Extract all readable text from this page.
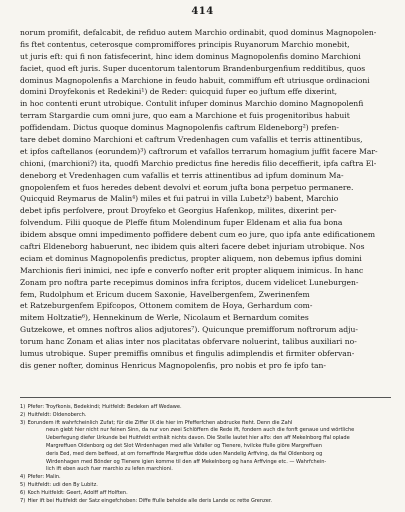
414
norum promifit, defalcabit, de refiduo autem Marchio ordinabit, quod dominus Magnopolen-
fis ftet contentus, ceterosque compromiffores principis Ruyanorum Marchio monebit,
ut juris eft: qui fi non fatisfecerint, hinc idem dominus Magnopolenfis domino Marchioni
faciet, quod eft juris. Super ducentorum talentorum Brandenburgenfium redditibus, quos
dominus Magnopolenfis a Marchione in feudo habuit, commiffum eft utriusque ordinacioni
domini Droyfekonis et Redekini¹) de Reder: quicquid fuper eo juftum effe dixerint,
in hoc contenti erunt utrobique. Contulit infuper dominus Marchio domino Magnopolenfi
terram Stargardie cum omni jure, quo eam a Marchione et fuis progenitoribus habuit
poffidendam. Dictus quoque dominus Magnopolenfis caftrum Eldeneborg²) prefen-
tare debet domino Marchioni et caftrum Vredenhagen cum vafallis et terris attinentibus,
et ipfos caftellanos (eorundem)³) caftrorum et vafallos terrarum homagium juffit facere Mar-
chioni, (marchioni?) ita, quodfi Marchio predictus fine heredis filio deceffierit, ipfa caftra El-
deneborg et Vredenhagen cum vafallis et terris attinentibus ad ipfum dominum Ma-
gnopolenfem et fuos heredes debent devolvi et eorum jufta bona perpetuo permanere.
Quicquid Reymarus de Malin⁴) miles et fui patrui in villa Lubetz⁵) babent, Marchio
debet ipfis perfolvere, prout Droyfeko et Georgius Hafenkop, milites, dixerint per-
folvendum. Filii quoque de Pleffe fitum Molendinum fuper Eldenam et alia fua bona
ibidem absque omni impedimento poffidere debent cum eo jure, quo ipfa ante edificationem
caftri Eldeneborg habuerunt, nec ibidem quis alteri facere debet injuriam utrobique. Nos
eciam et dominus Magnopolenfis predictus, propter aliquem, non debemus ipfius domini
Marchionis fieri inimici, nec ipfe e converfo nofter erit propter aliquem inimicus. In hanc
Zonam pro noftra parte recepimus dominos infra fcriptos, ducem videlicet Luneburgen-
fem, Rudolphum et Ericum ducem Saxonie, Havelbergenfem, Zwerinenfem
et Ratzeburgenfem Epifcopos, Ottonem comitem de Hoya, Gerhardum com-
mitem Holtzatie⁶), Hennekinum de Werle, Nicolaum et Bernardum comites
Gutzekowe, et omnes noftros alios adjutores⁷). Quicunque premifforum noftrorum adju-
torum hanc Zonam et alias inter nos placitatas obfervare noluerint, talibus auxiliari no-
lumus utrobique. Super premiffis omnibus et fingulis adimplendis et firmiter obfervan-
dis gener nofter, dominus Henricus Magnopolenfis, pro nobis et pro fe ipfo tan-
1) Pfefer: Troyfkonis, Bedekindi; Huitfeldt: Bedeken aff Wedawe.
2) Huitfeldt: Oldenoberch.
3) Eorundem ift wahrfcheinlich Zufat; für die Ziffer IX die hier im Pfefferfchen abdrucke fteht. Denn die Zahl
neun giebt hier nicht nur feinen Sinn, da nur von zwei Schlöffern die Rede ift, fondern auch die fonft genaue und wörtliche
Ueberfegung diefer Urkunde bei Huitfeldt enthält nichts davon. Die Stelle lautet hier alfo: den aff Mekelnborg ffal oplade
Margreffuen Oldenborg og det Slot Wirdenhagen med alle Vafaller og Tienere, hvilcke ffulle giöre Margreffuen
deris Eed, med dem beffeed, at om forneffinde Margreffue döde uden Mandelig Arffving, da ffal Oldenborg og
Wirdenhagen med Bönder og Tienere igien komme til den aff Mekelnborg og hans Arffvinge etc. — Wahrfchein-
lich ift eben auch fuer marchio zu lefen marchioni.
4) Pfefer: Malin.
5) Huitfeldt: udi den By Lubitz.
6) Koch Huitfeldt: Geert, Adolff aff Holften.
7) Hier ift bei Huitfeldt der Satz eingefchoben: Diffe ffulle beholde alle deris Lande oc rette Grenzer.
